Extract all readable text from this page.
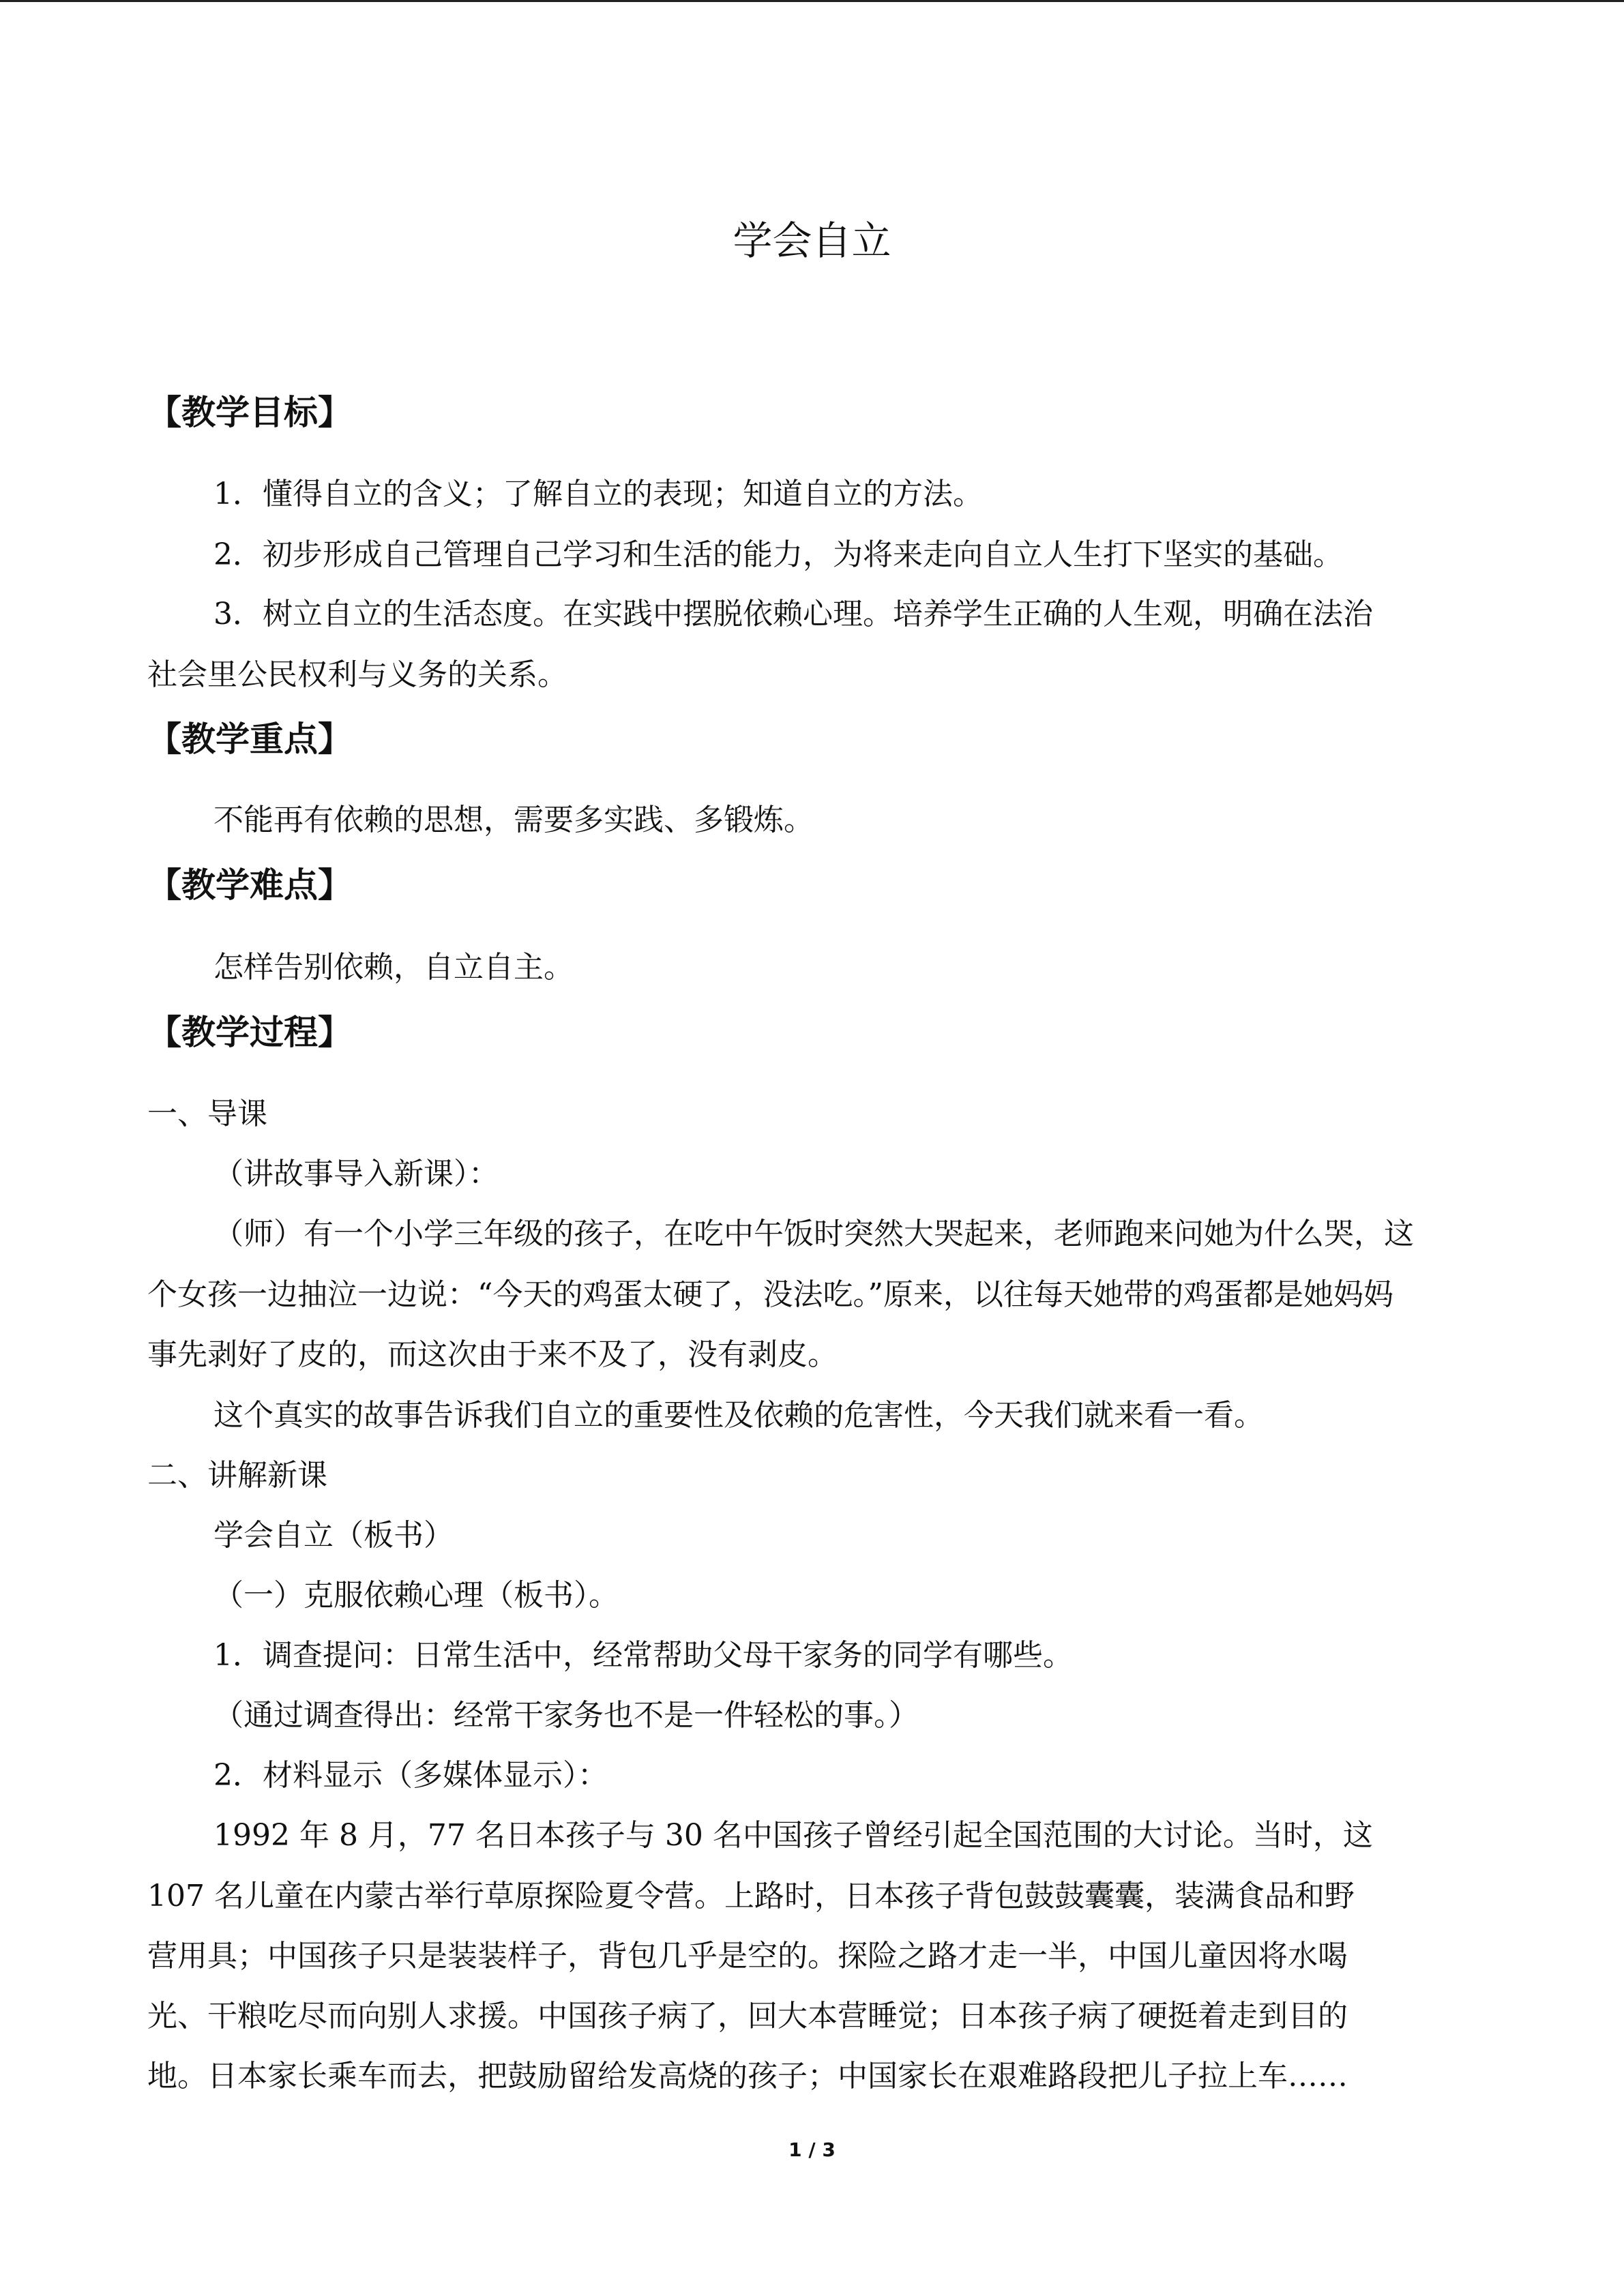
学会自立
【教学目标】
1．懂得自立的含义；了解自立的表现；知道自立的方法。
2．初步形成自己管理自己学习和生活的能力，为将来走向自立人生打下坚实的基础。
3．树立自立的生活态度。在实践中摆脱依赖心理。培养学生正确的人生观，明确在法治
社会里公民权利与义务的关系。
【教学重点】
不能再有依赖的思想，需要多实践、多锻炼。
【教学难点】
怎样告别依赖，自立自主。
【教学过程】
一、导课
（讲故事导入新课）：
（师）有一个小学三年级的孩子，在吃中午饭时突然大哭起来，老师跑来问她为什么哭，这
个女孩一边抽泣一边说：“今天的鸡蛋太硬了，没法吃。”原来，以往每天她带的鸡蛋都是她妈妈
事先剥好了皮的，而这次由于来不及了，没有剥皮。
这个真实的故事告诉我们自立的重要性及依赖的危害性，今天我们就来看一看。
二、讲解新课
学会自立（板书）
（一）克服依赖心理（板书）。
1．调查提问：日常生活中，经常帮助父母干家务的同学有哪些。
（通过调查得出：经常干家务也不是一件轻松的事。）
2．材料显示（多媒体显示）：
1992 年 8 月，77 名日本孩子与 30 名中国孩子曾经引起全国范围的大讨论。当时，这
107 名儿童在内蒙古举行草原探险夏令营。上路时，日本孩子背包鼓鼓囊囊，装满食品和野
营用具；中国孩子只是装装样子，背包几乎是空的。探险之路才走一半，中国儿童因将水喝
光、干粮吃尽而向别人求援。中国孩子病了，回大本营睡觉；日本孩子病了硬挺着走到目的
地。日本家长乘车而去，把鼓励留给发高烧的孩子；中国家长在艰难路段把儿子拉上车……
1 / 3
